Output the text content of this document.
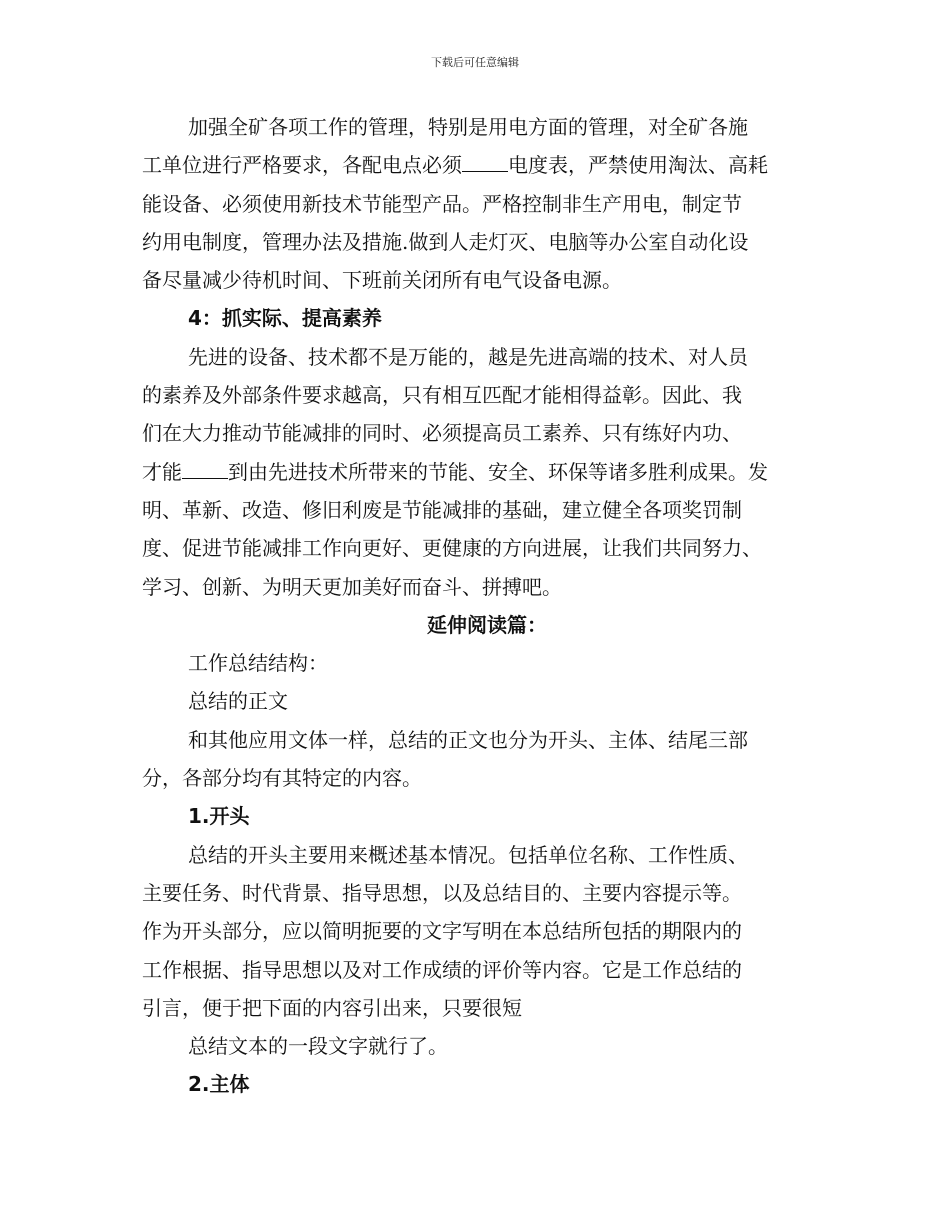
下载后可任意编辑
加强全矿各项工作的管理，特别是用电方面的管理，对全矿各施
工单位进行严格要求，各配电点必须 电度表，严禁使用淘汰、高耗
能设备、必须使用新技术节能型产品。严格控制非生产用电，制定节
约用电制度，管理办法及措施.做到人走灯灭、电脑等办公室自动化设
备尽量减少待机时间、下班前关闭所有电气设备电源。
4：抓实际、提高素养
先进的设备、技术都不是万能的，越是先进高端的技术、对人员
的素养及外部条件要求越高，只有相互匹配才能相得益彰。因此、我
们在大力推动节能减排的同时、必须提高员工素养、只有练好内功、
才能 到由先进技术所带来的节能、安全、环保等诸多胜利成果。发
明、革新、改造、修旧利废是节能减排的基础，建立健全各项奖罚制
度、促进节能减排工作向更好、更健康的方向进展，让我们共同努力、
学习、创新、为明天更加美好而奋斗、拼搏吧。
延伸阅读篇：
工作总结结构：
总结的正文
和其他应用文体一样，总结的正文也分为开头、主体、结尾三部
分，各部分均有其特定的内容。
1.开头
总结的开头主要用来概述基本情况。包括单位名称、工作性质、
主要任务、时代背景、指导思想，以及总结目的、主要内容提示等。
作为开头部分，应以简明扼要的文字写明在本总结所包括的期限内的
工作根据、指导思想以及对工作成绩的评价等内容。它是工作总结的
引言，便于把下面的内容引出来，只要很短
总结文本的一段文字就行了。
2.主体
